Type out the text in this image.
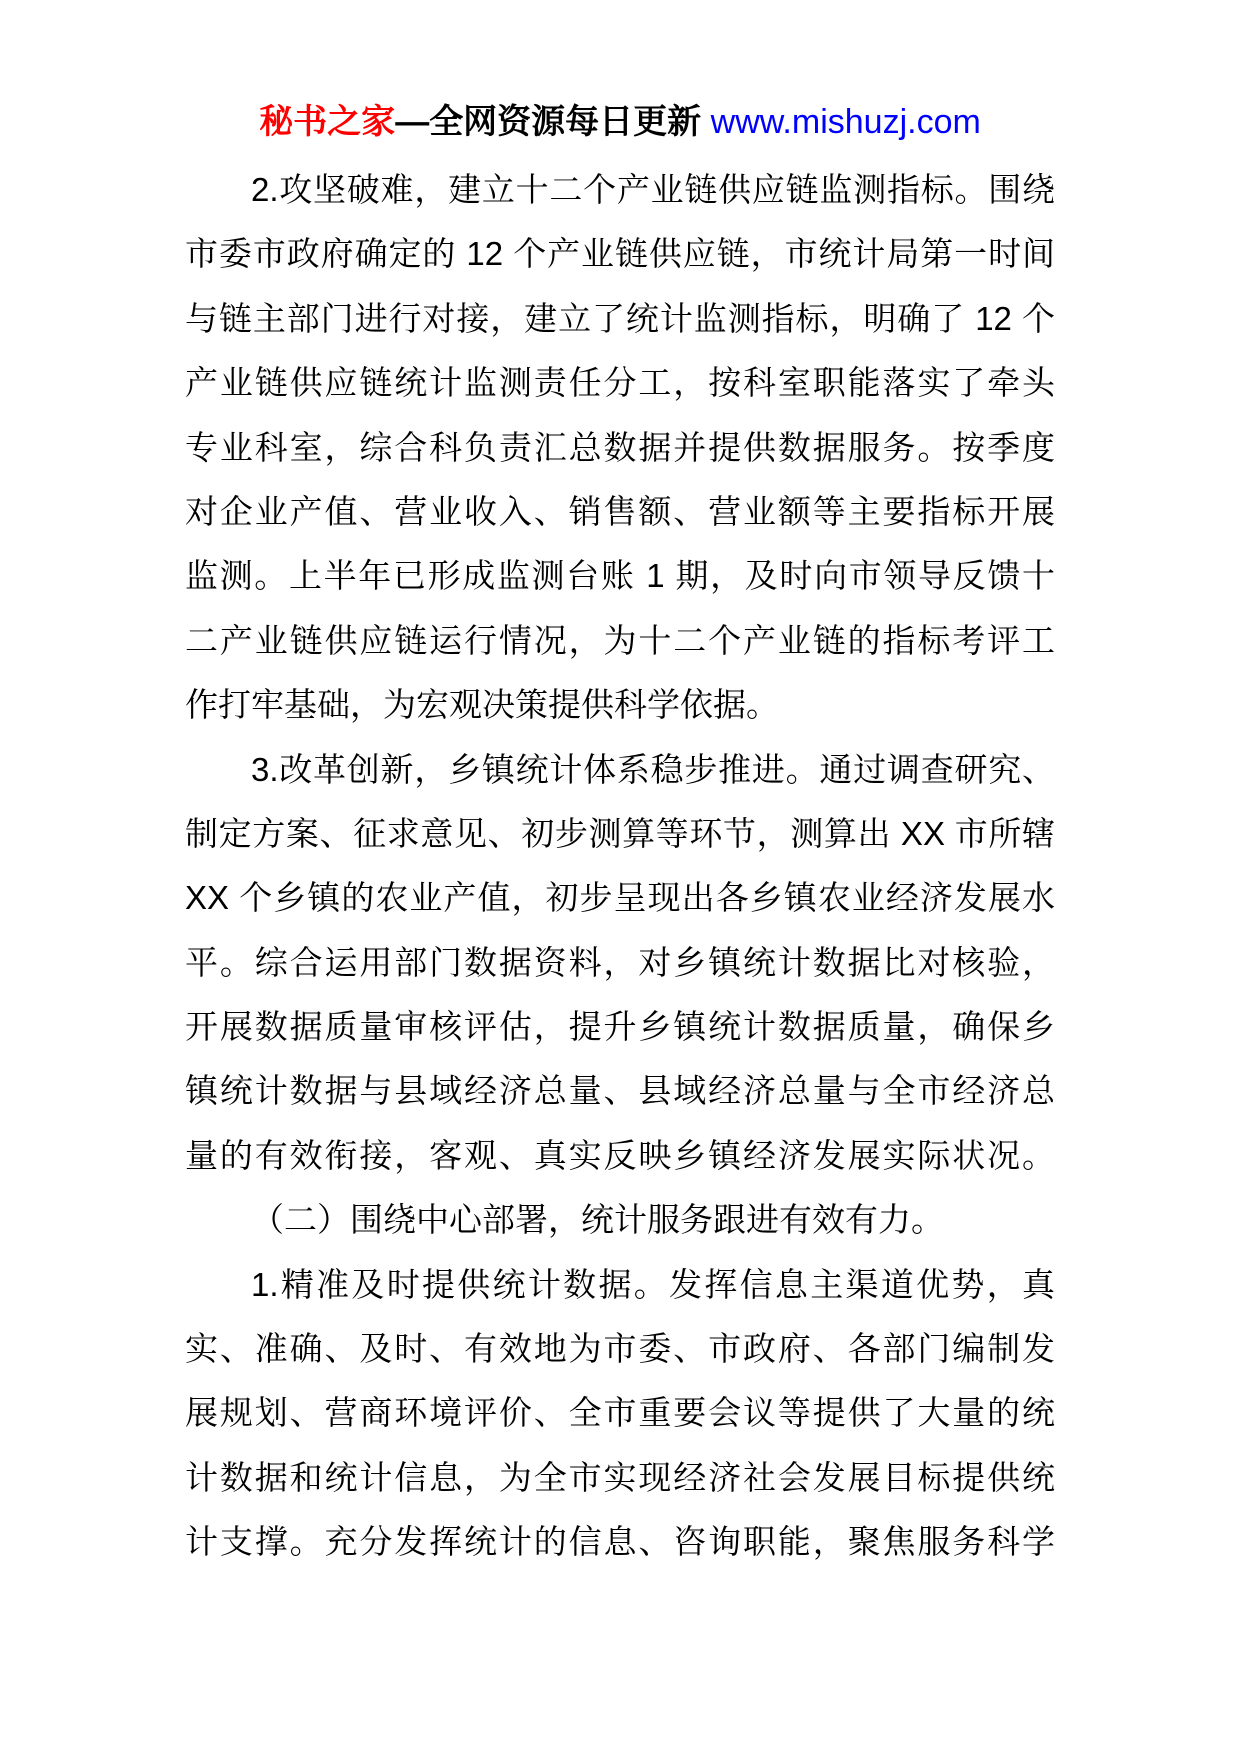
秘书之家—全网资源每日更新 www.mishuzj.com
2.攻坚破难，建立十二个产业链供应链监测指标。围绕
市委市政府确定的 12 个产业链供应链，市统计局第一时间
与链主部门进行对接，建立了统计监测指标，明确了 12 个
产业链供应链统计监测责任分工，按科室职能落实了牵头
专业科室，综合科负责汇总数据并提供数据服务。按季度
对企业产值、营业收入、销售额、营业额等主要指标开展
监测。上半年已形成监测台账 1 期，及时向市领导反馈十
二产业链供应链运行情况，为十二个产业链的指标考评工
作打牢基础，为宏观决策提供科学依据。
3.改革创新，乡镇统计体系稳步推进。通过调查研究、
制定方案、征求意见、初步测算等环节，测算出 XX 市所辖
XX 个乡镇的农业产值，初步呈现出各乡镇农业经济发展水
平。综合运用部门数据资料，对乡镇统计数据比对核验，
开展数据质量审核评估，提升乡镇统计数据质量，确保乡
镇统计数据与县域经济总量、县域经济总量与全市经济总
量的有效衔接，客观、真实反映乡镇经济发展实际状况。
（二）围绕中心部署，统计服务跟进有效有力。
1.精准及时提供统计数据。发挥信息主渠道优势，真
实、准确、及时、有效地为市委、市政府、各部门编制发
展规划、营商环境评价、全市重要会议等提供了大量的统
计数据和统计信息，为全市实现经济社会发展目标提供统
计支撑。充分发挥统计的信息、咨询职能，聚焦服务科学
